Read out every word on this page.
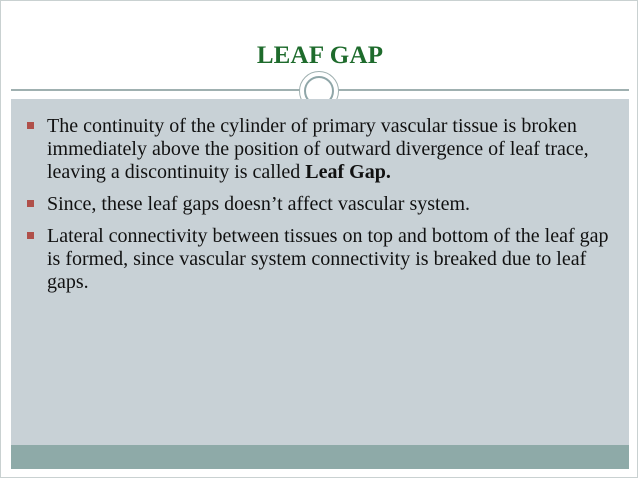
LEAF GAP
The continuity of the cylinder of primary vascular tissue is broken immediately above the position of outward divergence of leaf trace, leaving a discontinuity is called Leaf Gap.
Since, these leaf gaps doesn’t affect vascular system.
Lateral connectivity between tissues on top and bottom of the leaf gap is formed, since vascular system connectivity is breaked due to leaf gaps.
